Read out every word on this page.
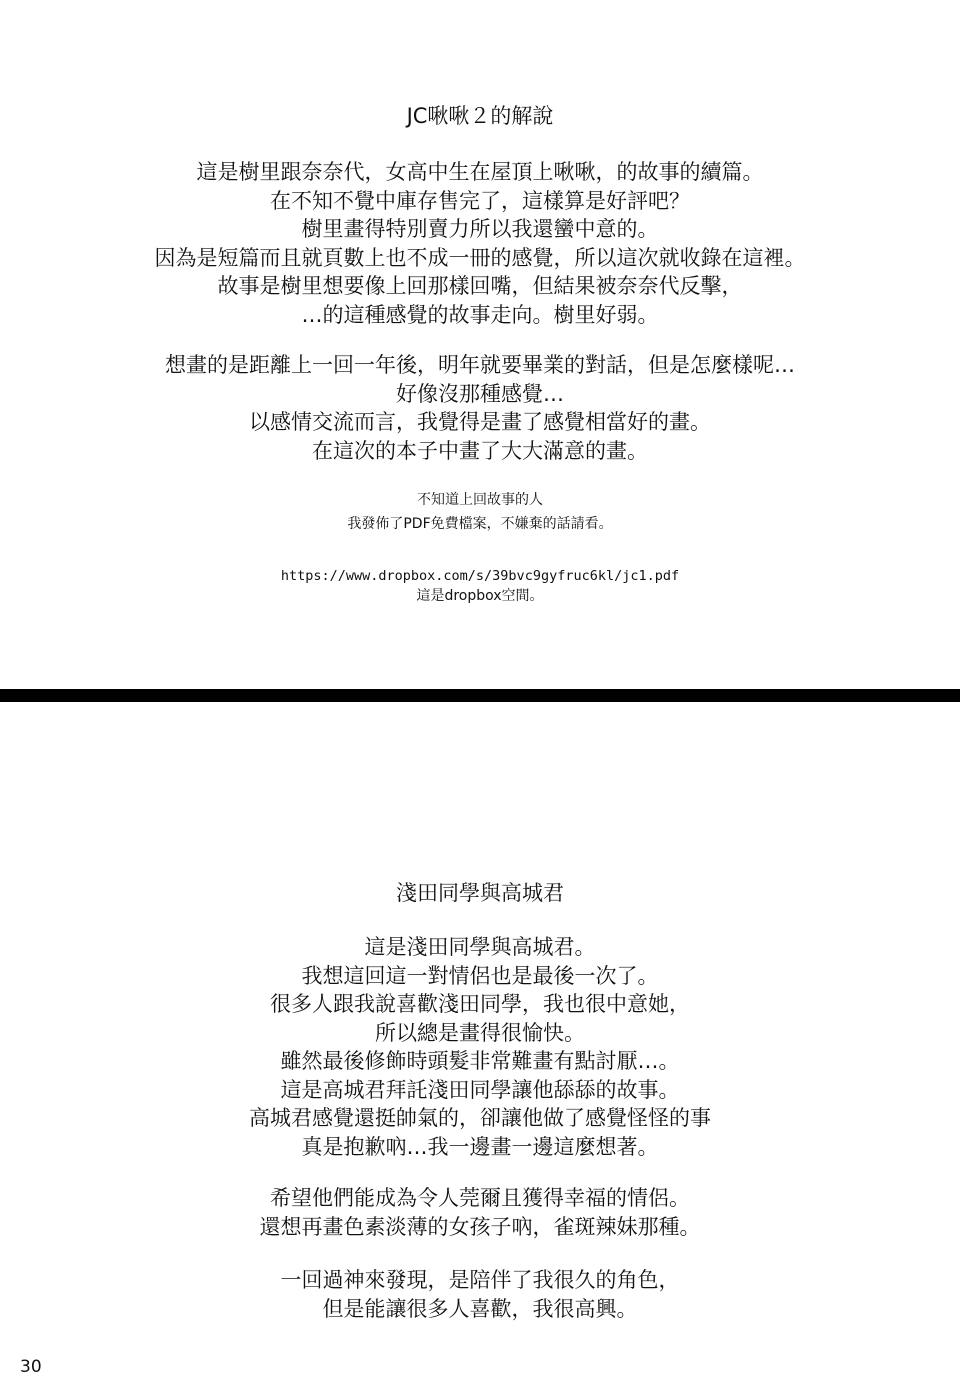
JC啾啾２的解說
這是樹里跟奈奈代，女高中生在屋頂上啾啾，的故事的續篇。
在不知不覺中庫存售完了，這樣算是好評吧？
樹里畫得特別賣力所以我還蠻中意的。
因為是短篇而且就頁數上也不成一冊的感覺，所以這次就收錄在這裡。
故事是樹里想要像上回那樣回嘴，但結果被奈奈代反擊，
…的這種感覺的故事走向。樹里好弱。
想畫的是距離上一回一年後，明年就要畢業的對話，但是怎麼樣呢…
好像沒那種感覺…
以感情交流而言，我覺得是畫了感覺相當好的畫。
在這次的本子中畫了大大滿意的畫。
不知道上回故事的人
我發佈了PDF免費檔案，不嫌棄的話請看。
https://www.dropbox.com/s/39bvc9gyfruc6kl/jc1.pdf
這是dropbox空間。
淺田同學與高城君
這是淺田同學與高城君。
我想這回這一對情侶也是最後一次了。
很多人跟我說喜歡淺田同學，我也很中意她，
所以總是畫得很愉快。
雖然最後修飾時頭髮非常難畫有點討厭…。
這是高城君拜託淺田同學讓他舔舔的故事。
高城君感覺還挺帥氣的，卻讓他做了感覺怪怪的事
真是抱歉吶…我一邊畫一邊這麼想著。
希望他們能成為令人莞爾且獲得幸福的情侶。
還想再畫色素淡薄的女孩子吶，雀斑辣妹那種。
一回過神來發現，是陪伴了我很久的角色，
但是能讓很多人喜歡，我很高興。
30
